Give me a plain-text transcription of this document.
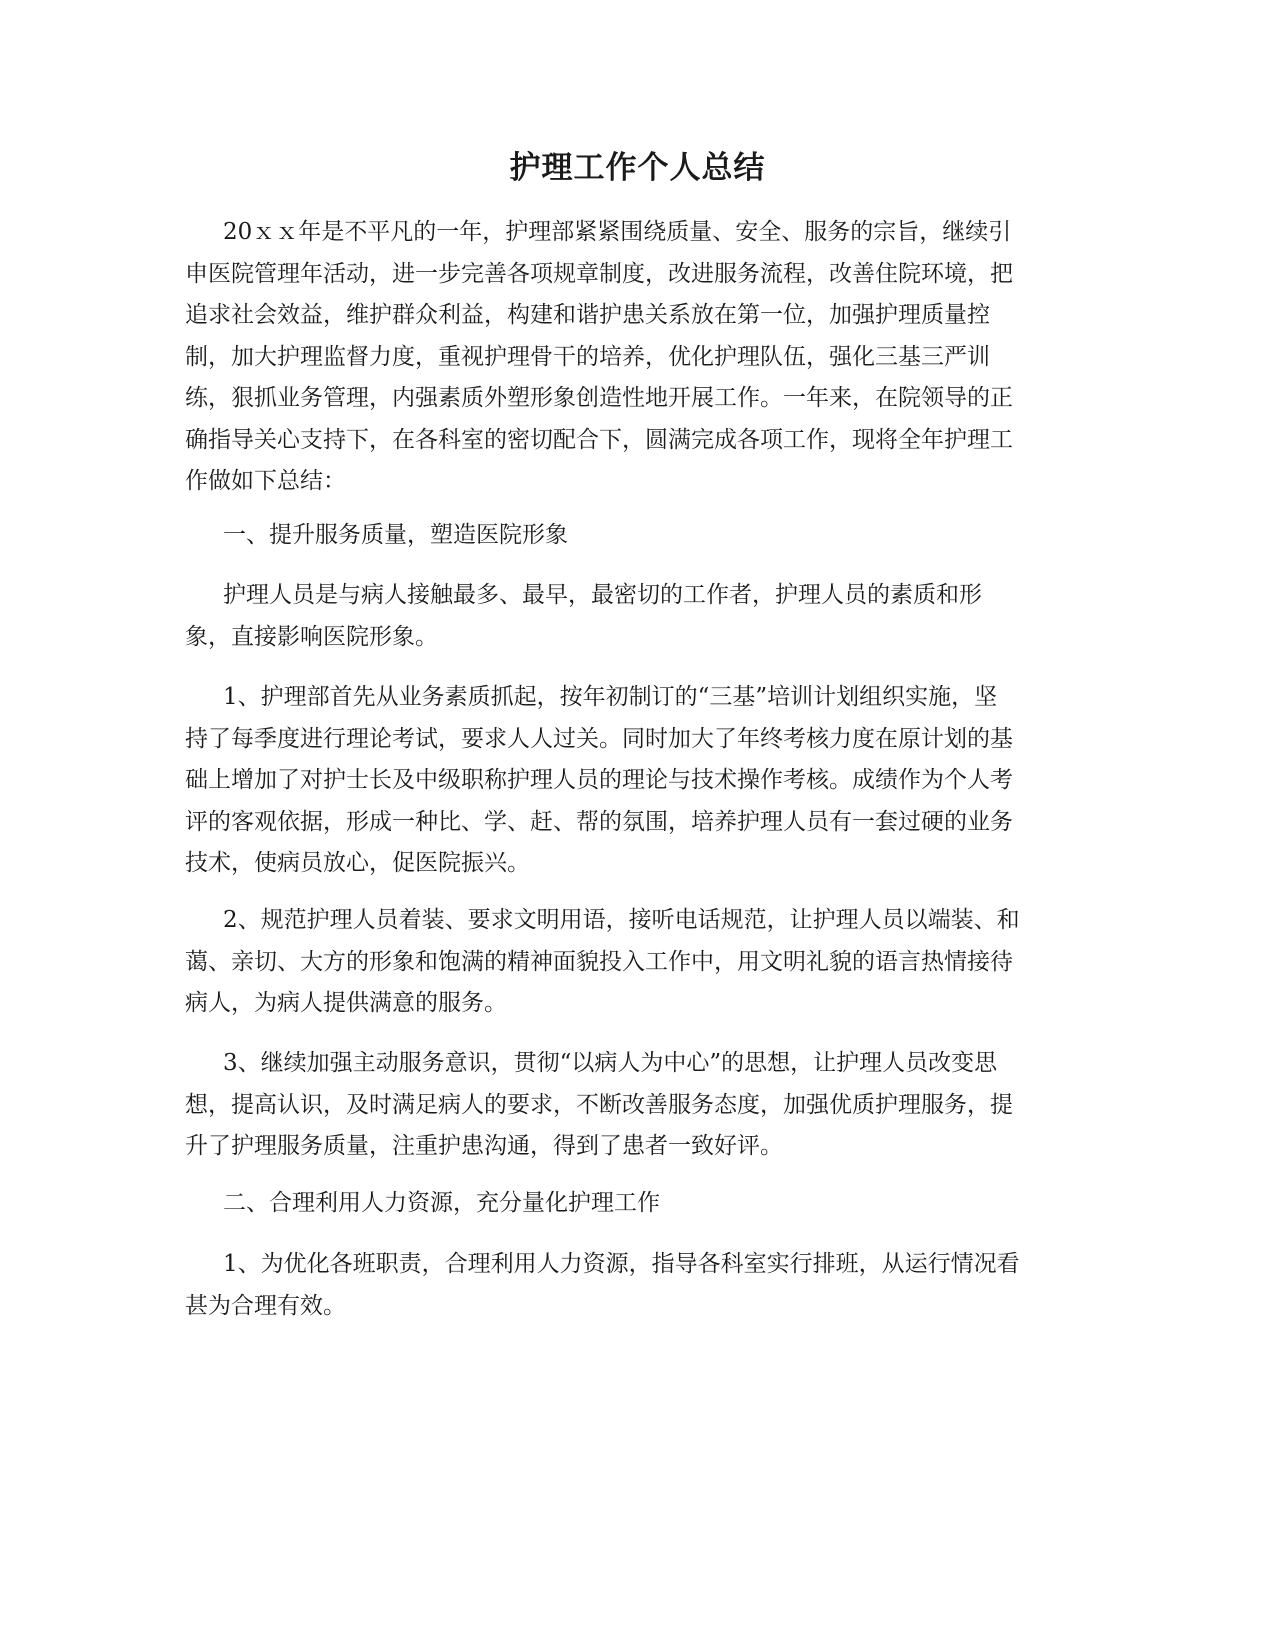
护理工作个人总结
20ｘｘ年是不平凡的一年，护理部紧紧围绕质量、安全、服务的宗旨，继续引
申医院管理年活动，进一步完善各项规章制度，改进服务流程，改善住院环境，把
追求社会效益，维护群众利益，构建和谐护患关系放在第一位，加强护理质量控
制，加大护理监督力度，重视护理骨干的培养，优化护理队伍，强化三基三严训
练，狠抓业务管理，内强素质外塑形象创造性地开展工作。一年来，在院领导的正
确指导关心支持下，在各科室的密切配合下，圆满完成各项工作，现将全年护理工
作做如下总结：
一、提升服务质量，塑造医院形象
护理人员是与病人接触最多、最早，最密切的工作者，护理人员的素质和形
象，直接影响医院形象。
1、护理部首先从业务素质抓起，按年初制订的“三基”培训计划组织实施，坚
持了每季度进行理论考试，要求人人过关。同时加大了年终考核力度在原计划的基
础上增加了对护士长及中级职称护理人员的理论与技术操作考核。成绩作为个人考
评的客观依据，形成一种比、学、赶、帮的氛围，培养护理人员有一套过硬的业务
技术，使病员放心，促医院振兴。
2、规范护理人员着装、要求文明用语，接听电话规范，让护理人员以端装、和
蔼、亲切、大方的形象和饱满的精神面貌投入工作中，用文明礼貌的语言热情接待
病人，为病人提供满意的服务。
3、继续加强主动服务意识，贯彻“以病人为中心”的思想，让护理人员改变思
想，提高认识，及时满足病人的要求，不断改善服务态度，加强优质护理服务，提
升了护理服务质量，注重护患沟通，得到了患者一致好评。
二、合理利用人力资源，充分量化护理工作
1、为优化各班职责，合理利用人力资源，指导各科室实行排班，从运行情况看
甚为合理有效。
